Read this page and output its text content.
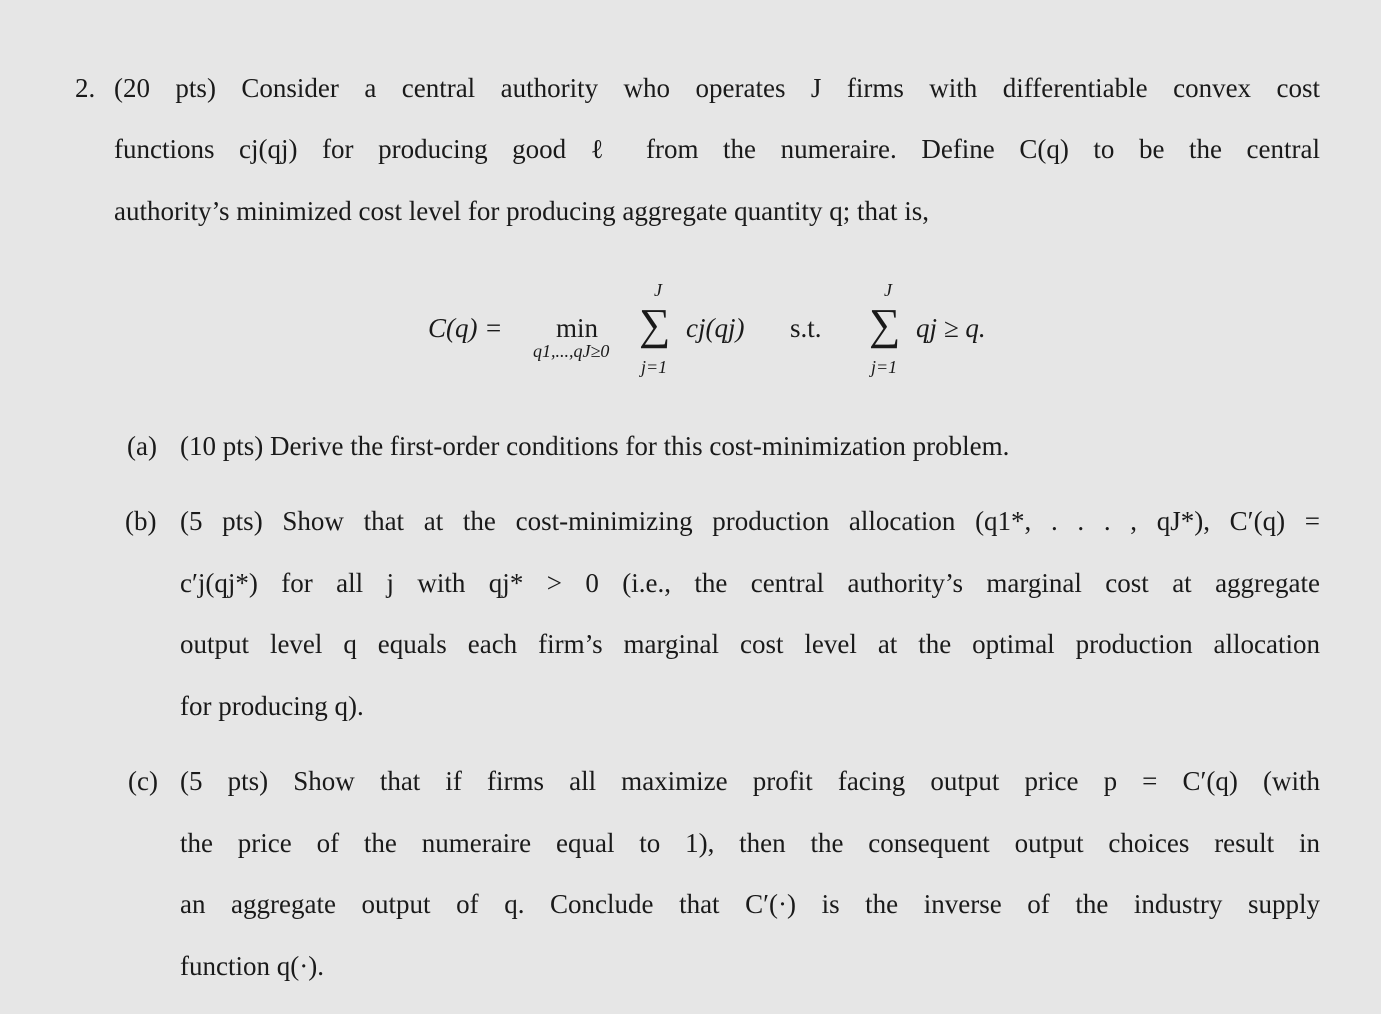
2. (20 pts) Consider a central authority who operates J firms with differentiable convex cost
functions cj(qj) for producing good ℓ from the numeraire. Define C(q) to be the central
authority’s minimized cost level for producing aggregate quantity q; that is,
C(q) = min
q1,...,qJ≥0
J
∑
j=1
cj(qj) s.t.
J
∑
j=1
qj ≥ q.
(a) (10 pts) Derive the first-order conditions for this cost-minimization problem.
(b) (5 pts) Show that at the cost-minimizing production allocation (q1*, . . . , qJ*), C′(q) =
c′j(qj*) for all j with qj* > 0 (i.e., the central authority’s marginal cost at aggregate
output level q equals each firm’s marginal cost level at the optimal production allocation
for producing q).
(c) (5 pts) Show that if firms all maximize profit facing output price p = C′(q) (with
the price of the numeraire equal to 1), then the consequent output choices result in
an aggregate output of q. Conclude that C′(·) is the inverse of the industry supply
function q(·).
